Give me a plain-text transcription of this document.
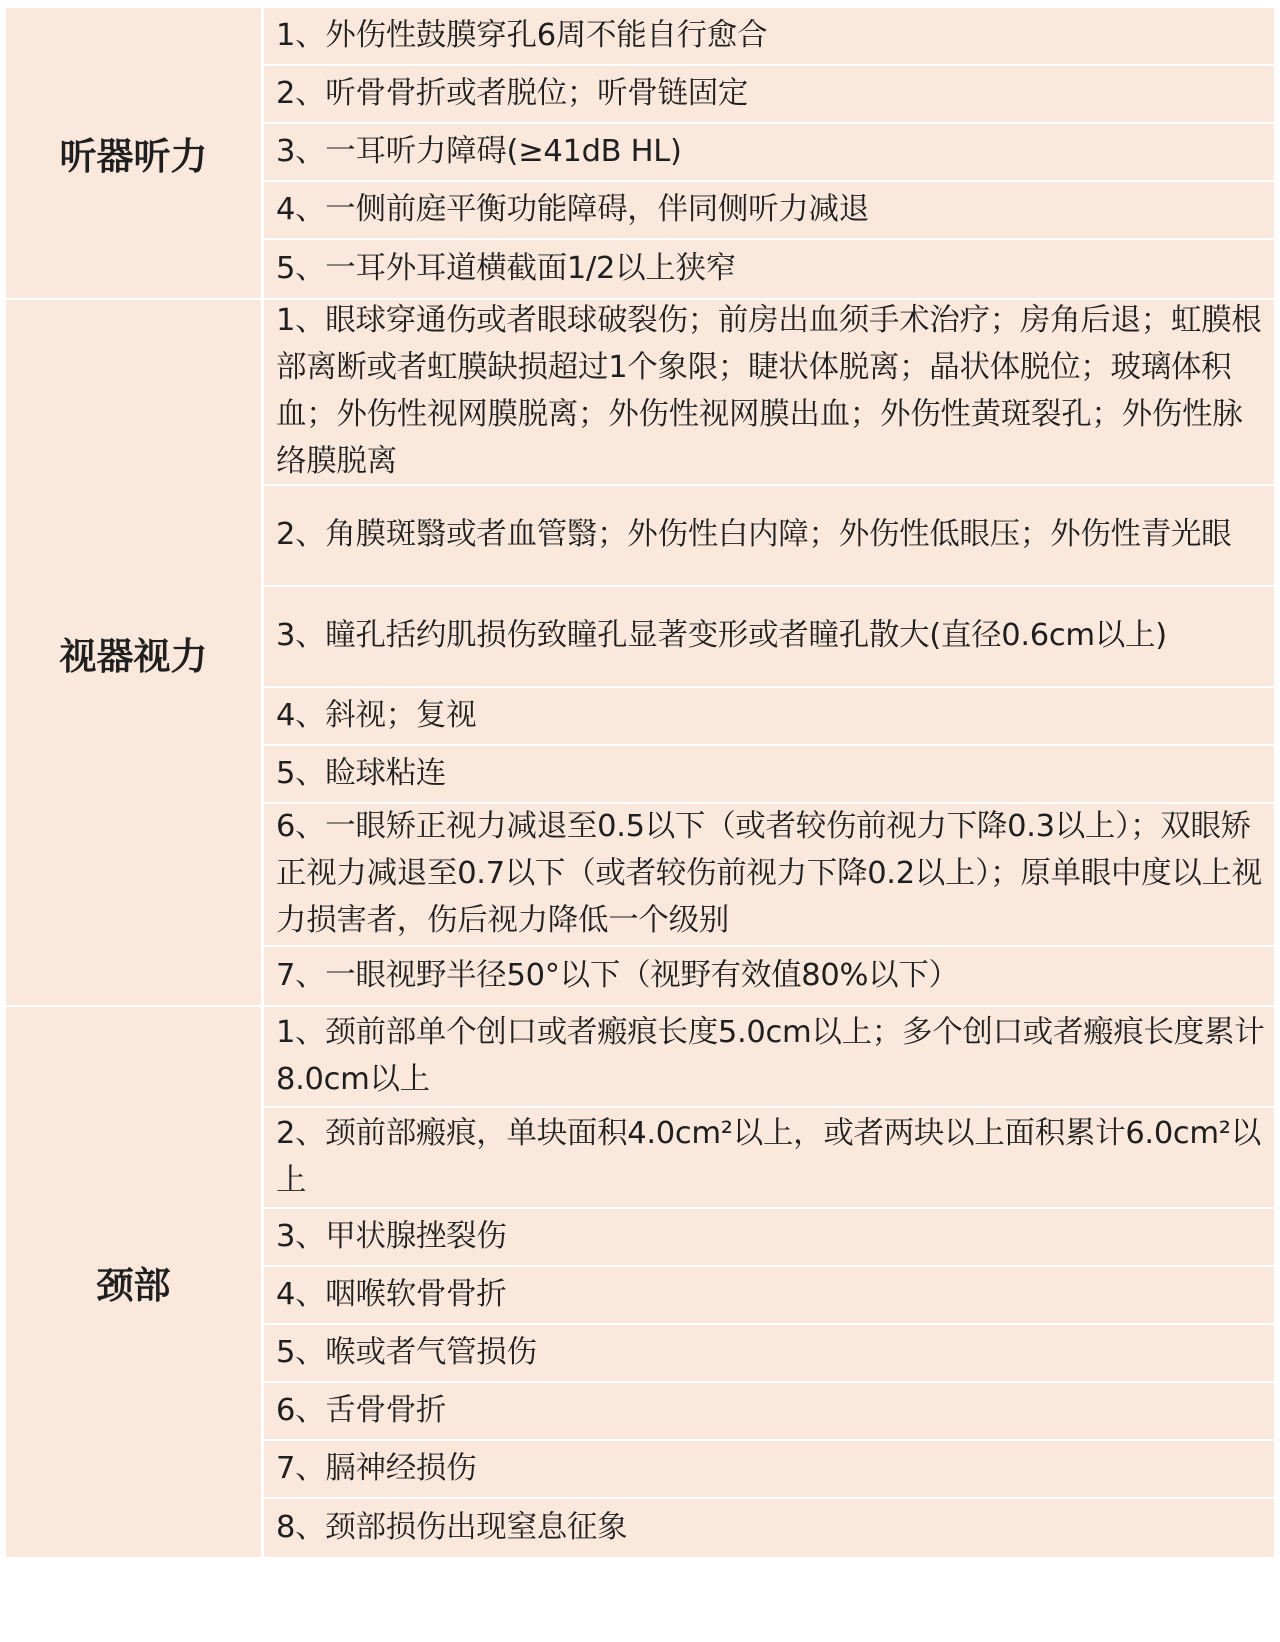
听器听力
1、外伤性鼓膜穿孔6周不能自行愈合
2、听骨骨折或者脱位；听骨链固定
3、一耳听力障碍(≥41dB HL)
4、一侧前庭平衡功能障碍，伴同侧听力减退
5、一耳外耳道横截面1/2以上狭窄
视器视力
1、眼球穿通伤或者眼球破裂伤；前房出血须手术治疗；房角后退；虹膜根部离断或者虹膜缺损超过1个象限；睫状体脱离；晶状体脱位；玻璃体积血；外伤性视网膜脱离；外伤性视网膜出血；外伤性黄斑裂孔；外伤性脉络膜脱离
2、角膜斑翳或者血管翳；外伤性白内障；外伤性低眼压；外伤性青光眼
3、瞳孔括约肌损伤致瞳孔显著变形或者瞳孔散大(直径0.6cm以上)
4、斜视；复视
5、睑球粘连
6、一眼矫正视力减退至0.5以下（或者较伤前视力下降0.3以上）；双眼矫正视力减退至0.7以下（或者较伤前视力下降0.2以上）；原单眼中度以上视力损害者，伤后视力降低一个级别
7、一眼视野半径50°以下（视野有效值80%以下）
颈部
1、颈前部单个创口或者瘢痕长度5.0cm以上；多个创口或者瘢痕长度累计8.0cm以上
2、颈前部瘢痕，单块面积4.0cm²以上，或者两块以上面积累计6.0cm²以上
3、甲状腺挫裂伤
4、咽喉软骨骨折
5、喉或者气管损伤
6、舌骨骨折
7、膈神经损伤
8、颈部损伤出现窒息征象
